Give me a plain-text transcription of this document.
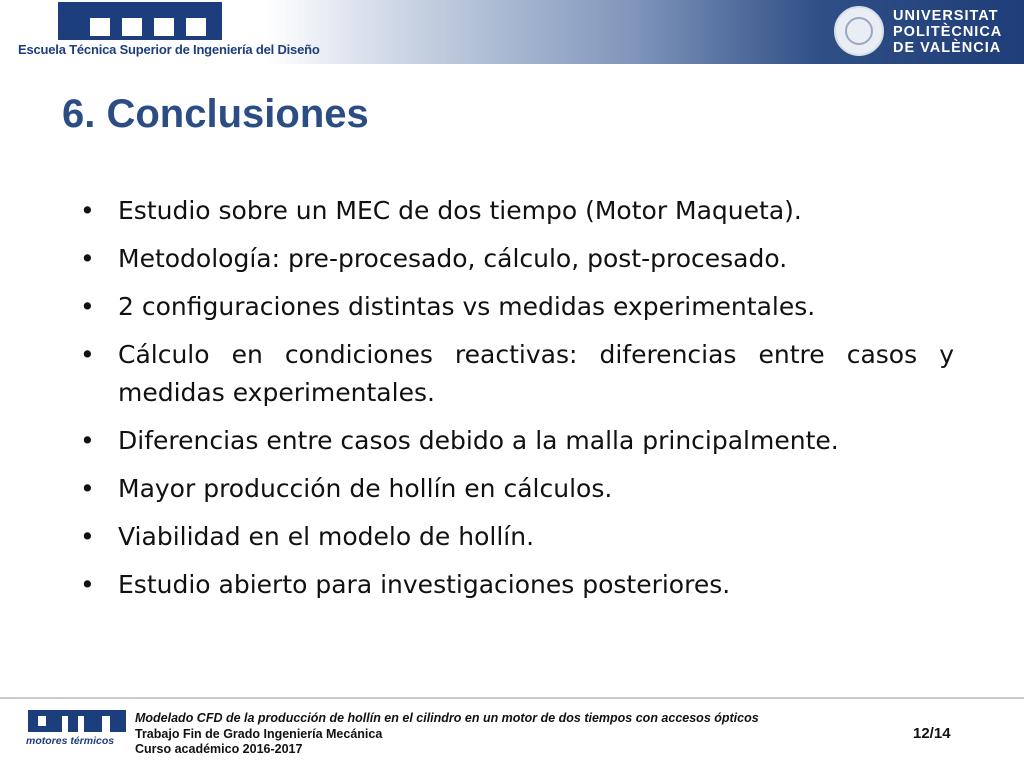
Escuela Técnica Superior de Ingeniería del Diseño
UNIVERSITAT
POLITÈCNICA
DE VALÈNCIA
6. Conclusiones
• Estudio sobre un MEC de dos tiempo (Motor Maqueta).
• Metodología: pre-procesado, cálculo, post-procesado.
• 2 configuraciones distintas vs medidas experimentales.
• Cálculo en condiciones reactivas: diferencias entre casos y medidas experimentales.
• Diferencias entre casos debido a la malla principalmente.
• Mayor producción de hollín en cálculos.
• Viabilidad en el modelo de hollín.
• Estudio abierto para investigaciones posteriores.
motores térmicos
Modelado CFD de la producción de hollín en el cilindro en un motor de dos tiempos con accesos ópticos
Trabajo Fin de Grado Ingeniería Mecánica
Curso académico 2016-2017
12/14
